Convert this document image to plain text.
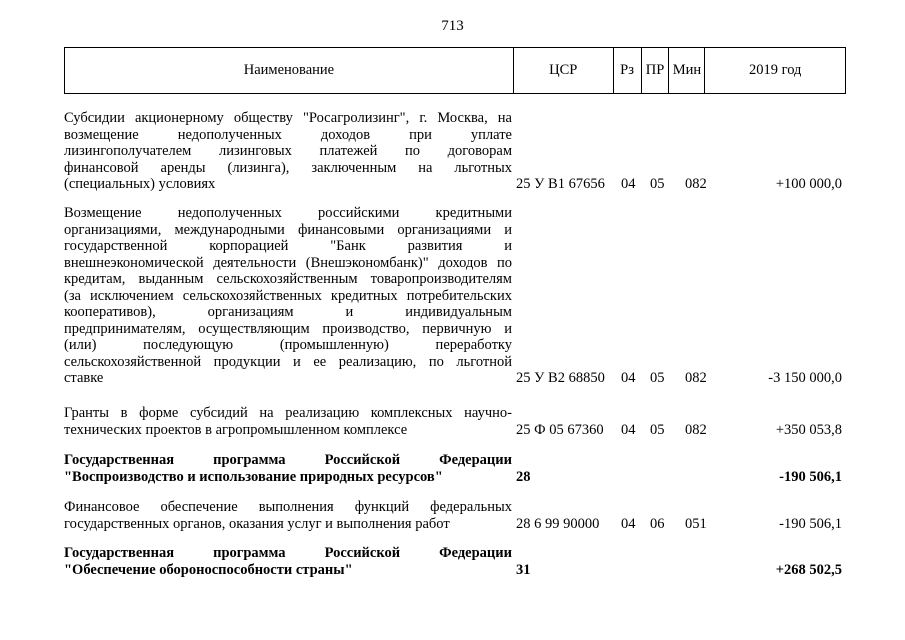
713
Наименование	ЦСР	Рз ПР Мин	2019 год
Субсидии акционерному обществу "Росагролизинг", г. Москва, на
возмещение недополученных доходов при уплате
лизингополучателем лизинговых платежей по договорам
финансовой аренды (лизинга), заключенным на льготных
(специальных) условиях	25 У В1 67656 04 05 082	+100 000,0
Возмещение недополученных российскими кредитными
организациями, международными финансовыми организациями и
государственной корпорацией "Банк развития и
внешнеэкономической деятельности (Внешэкономбанк)" доходов по
кредитам, выданным сельскохозяйственным товаропроизводителям
(за исключением сельскохозяйственных кредитных потребительских
кооперативов), организациям и индивидуальным
предпринимателям, осуществляющим производство, первичную и
(или) последующую (промышленную) переработку
сельскохозяйственной продукции и ее реализацию, по льготной
ставке	25 У В2 68850 04 05 082	-3 150 000,0
Гранты в форме субсидий на реализацию комплексных научно-
технических проектов в агропромышленном комплексе	25 Ф 05 67360 04 05 082	+350 053,8
Государственная программа Российской Федерации
"Воспроизводство и использование природных ресурсов"	28	-190 506,1
Финансовое обеспечение выполнения функций федеральных
государственных органов, оказания услуг и выполнения работ	28 6 99 90000 04 06 051	-190 506,1
Государственная программа Российской Федерации
"Обеспечение обороноспособности страны"	31	+268 502,5
